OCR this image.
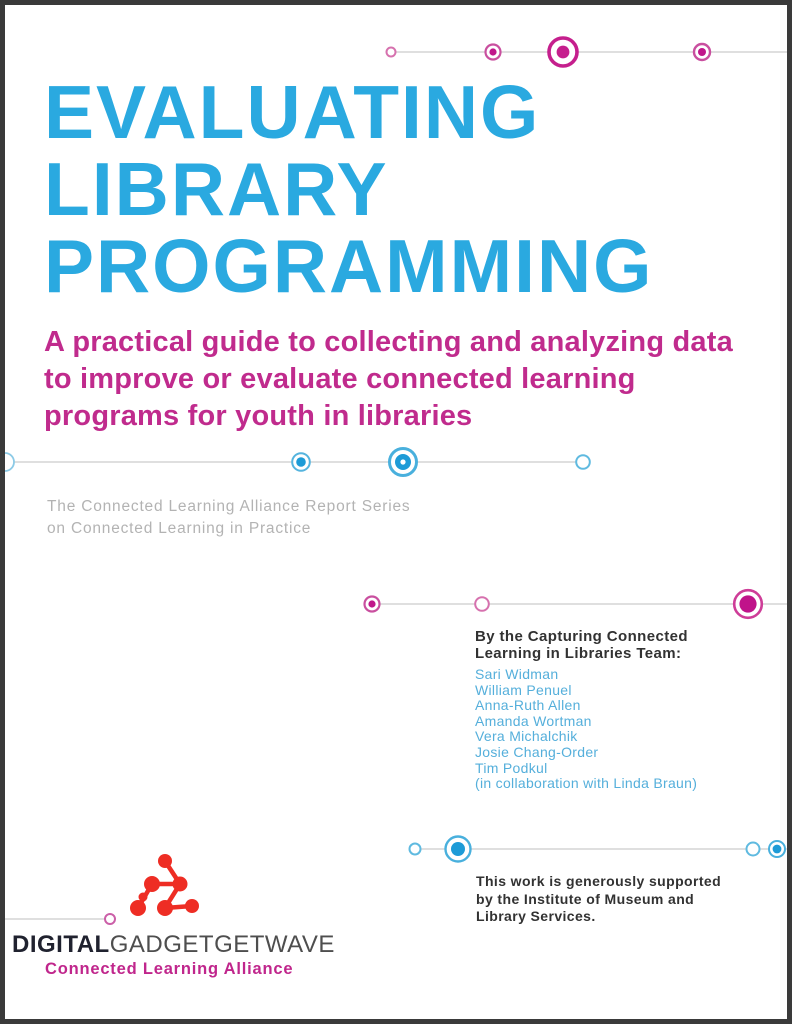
EVALUATING
LIBRARY
PROGRAMMING
A practical guide to collecting and analyzing data
to improve or evaluate connected learning
programs for youth in libraries
The Connected Learning Alliance Report Series
on Connected Learning in Practice
By the Capturing Connected
Learning in Libraries Team:
Sari Widman
William Penuel
Anna-Ruth Allen
Amanda Wortman
Vera Michalchik
Josie Chang-Order
Tim Podkul
(in collaboration with Linda Braun)
This work is generously supported
by the Institute of Museum and
Library Services.
DIGITALGADGETGETWAVE
Connected Learning Alliance
